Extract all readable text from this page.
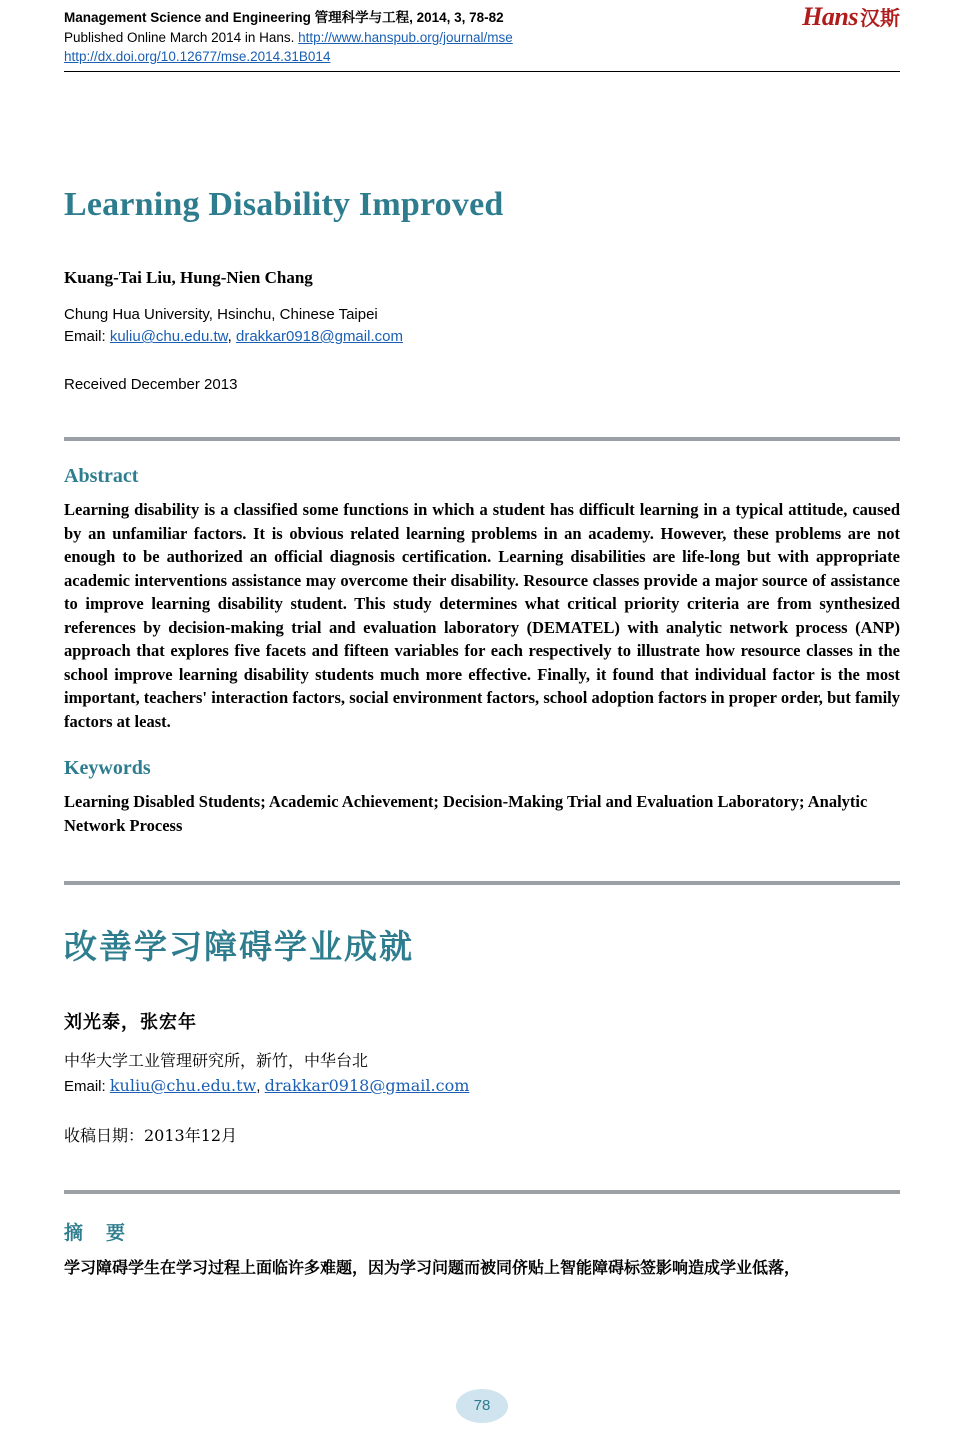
Hans 汉斯
Management Science and Engineering 管理科学与工程, 2014, 3, 78-82
Published Online March 2014 in Hans. http://www.hanspub.org/journal/mse
http://dx.doi.org/10.12677/mse.2014.31B014
Learning Disability Improved
Kuang-Tai Liu, Hung-Nien Chang
Chung Hua University, Hsinchu, Chinese Taipei
Email: kuliu@chu.edu.tw, drakkar0918@gmail.com
Received December 2013
Abstract
Learning disability is a classified some functions in which a student has difficult learning in a typical attitude, caused by an unfamiliar factors. It is obvious related learning problems in an academy. However, these problems are not enough to be authorized an official diagnosis certification. Learning disabilities are life-long but with appropriate academic interventions assistance may overcome their disability. Resource classes provide a major source of assistance to improve learning disability student. This study determines what critical priority criteria are from synthesized references by decision-making trial and evaluation laboratory (DEMATEL) with analytic network process (ANP) approach that explores five facets and fifteen variables for each respectively to illustrate how resource classes in the school improve learning disability students much more effective. Finally, it found that individual factor is the most important, teachers' interaction factors, social environment factors, school adoption factors in proper order, but family factors at least.
Keywords
Learning Disabled Students; Academic Achievement; Decision-Making Trial and Evaluation Laboratory; Analytic Network Process
改善学习障碍学业成就
刘光泰，张宏年
中华大学工业管理研究所，新竹，中华台北
Email: kuliu@chu.edu.tw, drakkar0918@gmail.com
收稿日期：2013年12月
摘　要
学习障碍学生在学习过程上面临许多难题，因为学习问题而被同侪贴上智能障碍标签影响造成学业低落，
78
